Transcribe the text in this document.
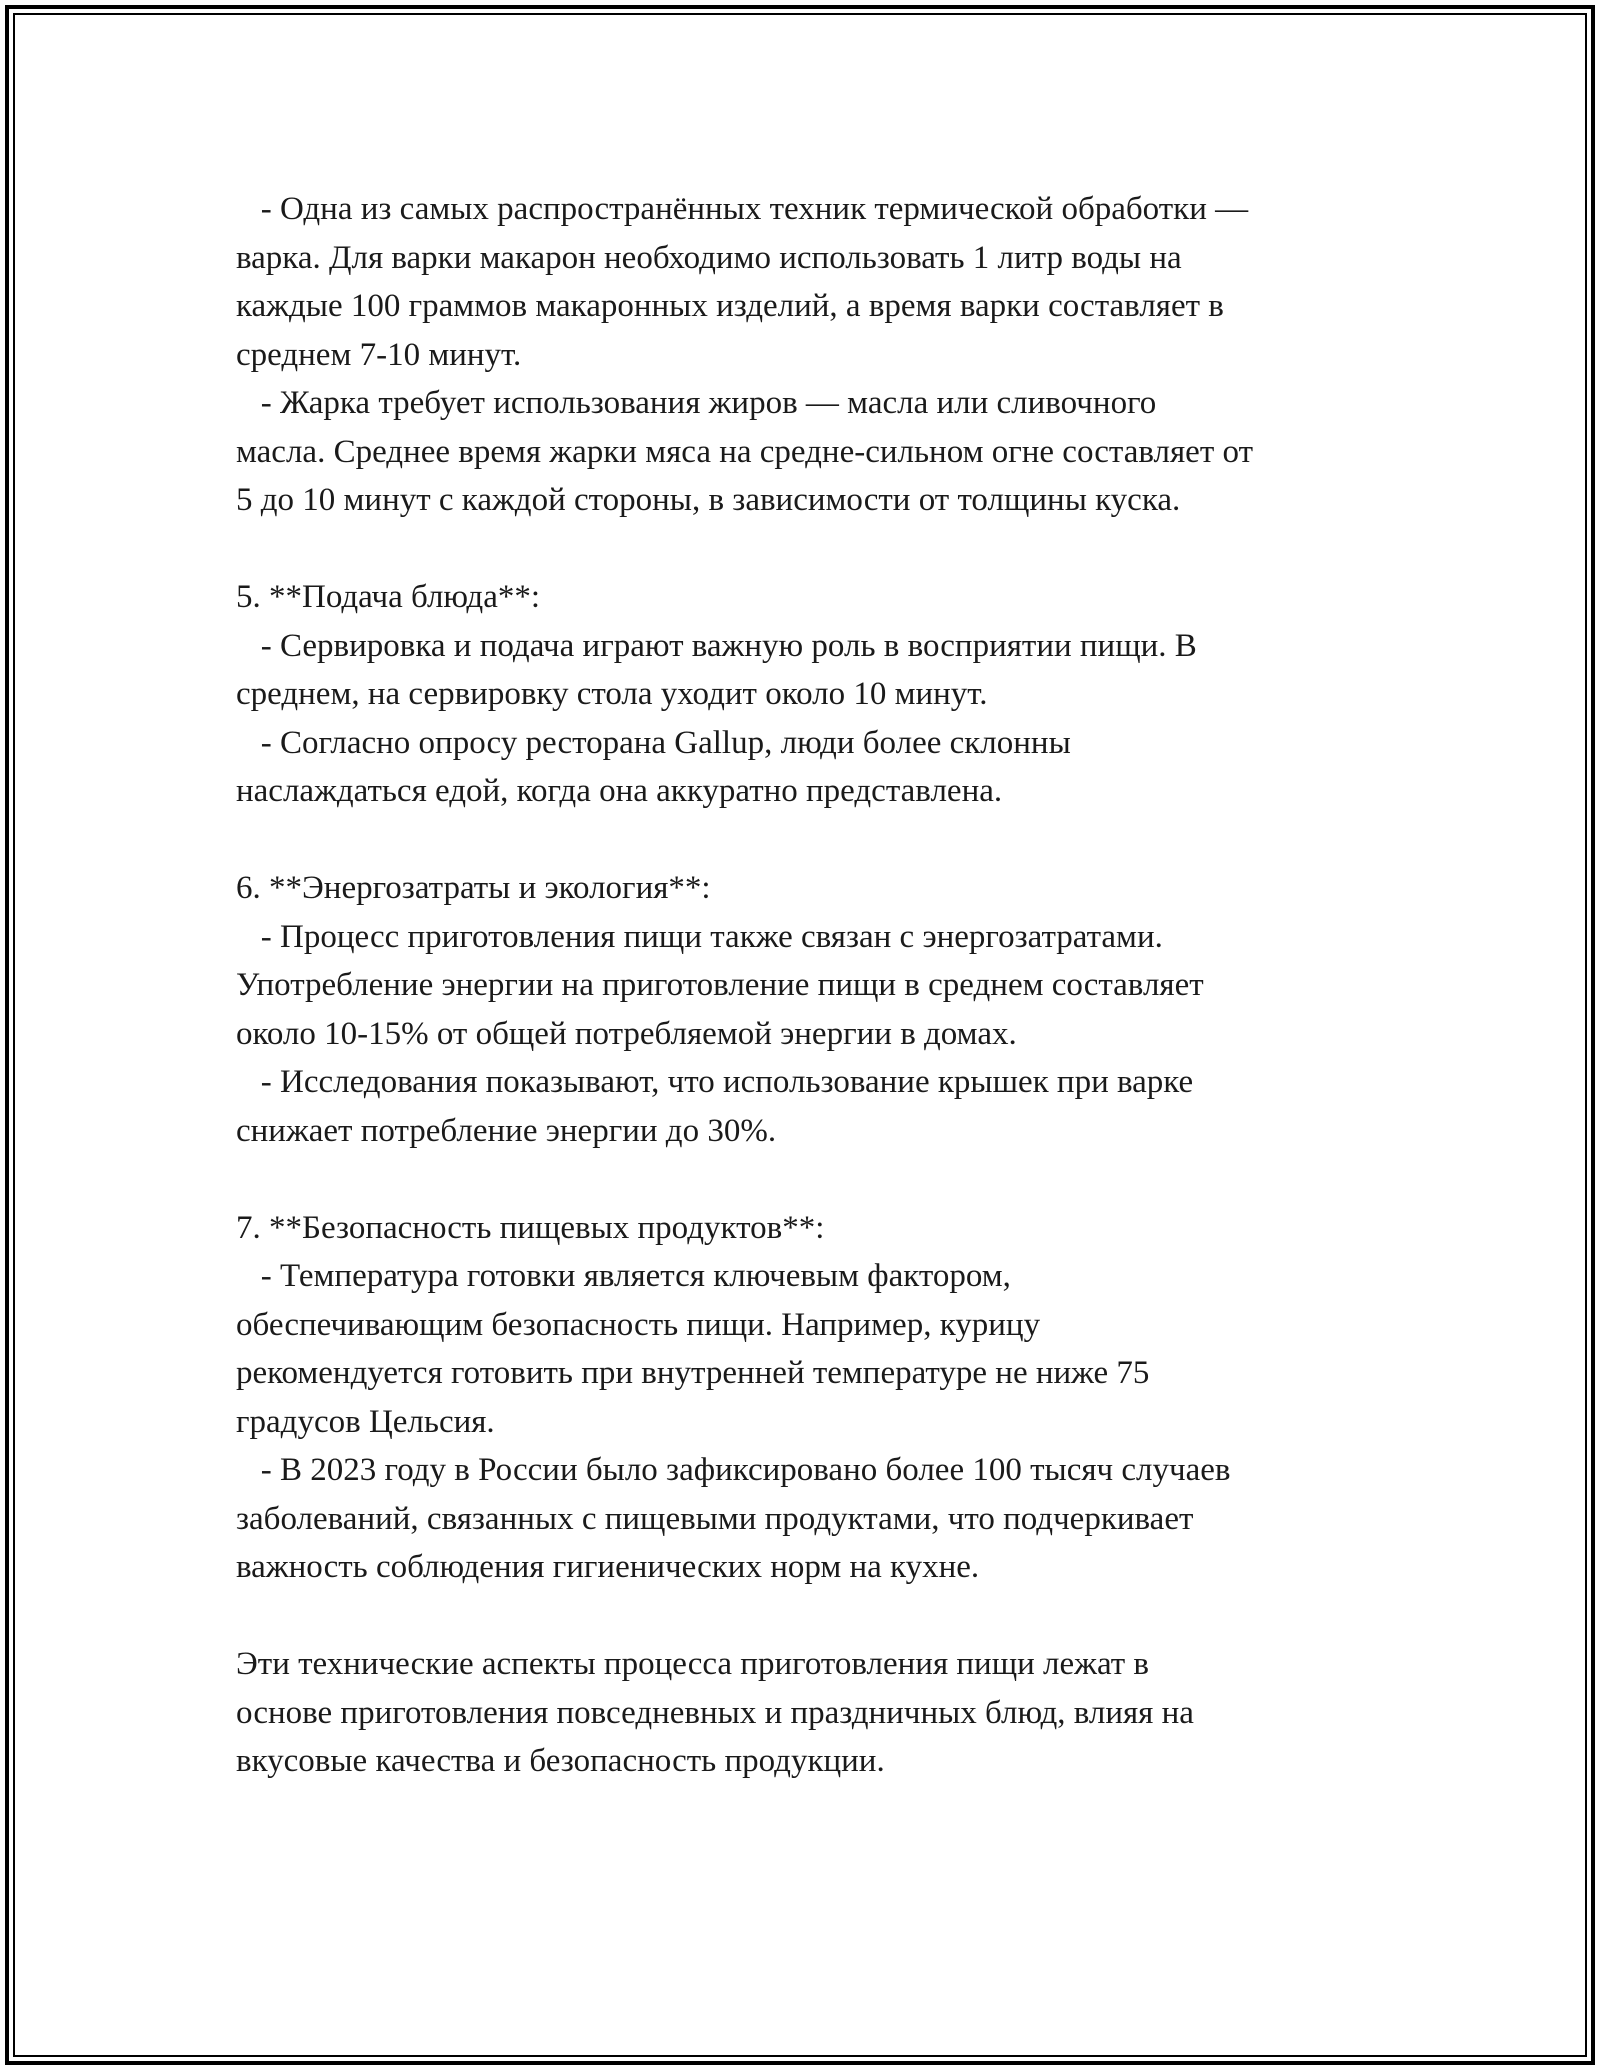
- Одна из самых распространённых техник термической обработки —
варка. Для варки макарон необходимо использовать 1 литр воды на
каждые 100 граммов макаронных изделий, а время варки составляет в
среднем 7-10 минут.
- Жарка требует использования жиров — масла или сливочного
масла. Среднее время жарки мяса на средне-сильном огне составляет от
5 до 10 минут с каждой стороны, в зависимости от толщины куска.
5. **Подача блюда**:
- Сервировка и подача играют важную роль в восприятии пищи. В
среднем, на сервировку стола уходит около 10 минут.
- Согласно опросу ресторана Gallup, люди более склонны
наслаждаться едой, когда она аккуратно представлена.
6. **Энергозатраты и экология**:
- Процесс приготовления пищи также связан с энергозатратами.
Употребление энергии на приготовление пищи в среднем составляет
около 10-15% от общей потребляемой энергии в домах.
- Исследования показывают, что использование крышек при варке
снижает потребление энергии до 30%.
7. **Безопасность пищевых продуктов**:
- Температура готовки является ключевым фактором,
обеспечивающим безопасность пищи. Например, курицу
рекомендуется готовить при внутренней температуре не ниже 75
градусов Цельсия.
- В 2023 году в России было зафиксировано более 100 тысяч случаев
заболеваний, связанных с пищевыми продуктами, что подчеркивает
важность соблюдения гигиенических норм на кухне.
Эти технические аспекты процесса приготовления пищи лежат в
основе приготовления повседневных и праздничных блюд, влияя на
вкусовые качества и безопасность продукции.
